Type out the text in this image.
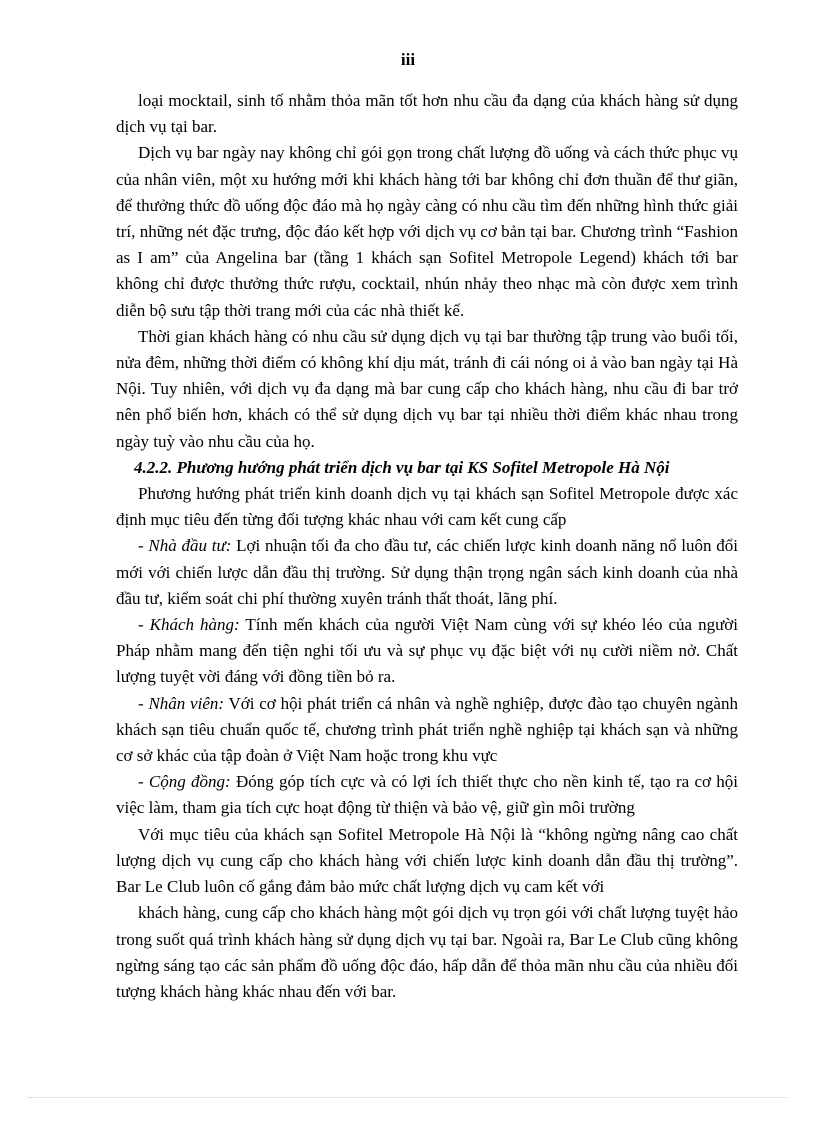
iii

loại mocktail, sinh tố nhằm thỏa mãn tốt hơn nhu cầu đa dạng của khách hàng sử dụng dịch vụ tại bar.

Dịch vụ bar ngày nay không chỉ gói gọn trong chất lượng đồ uống và cách thức phục vụ của nhân viên, một xu hướng mới khi khách hàng tới bar không chỉ đơn thuần để thư giãn, để thưởng thức đồ uống độc đáo mà họ ngày càng có nhu cầu tìm đến những hình thức giải trí, những nét đặc trưng, độc đáo kết hợp với dịch vụ cơ bản tại bar. Chương trình “Fashion as I am” của Angelina bar (tầng 1 khách sạn Sofitel Metropole Legend) khách tới bar không chỉ được thưởng thức rượu, cocktail, nhún nhảy theo nhạc mà còn được xem trình diễn bộ sưu tập thời trang mới của các nhà thiết kế.

Thời gian khách hàng có nhu cầu sử dụng dịch vụ tại bar thường tập trung vào buổi tối, nửa đêm, những thời điểm có không khí dịu mát, tránh đi cái nóng oi ả vào ban ngày tại Hà Nội. Tuy nhiên, với dịch vụ đa dạng mà bar cung cấp cho khách hàng, nhu cầu đi bar trở nên phổ biến hơn, khách có thể sử dụng dịch vụ bar tại nhiều thời điểm khác nhau trong ngày tuỳ vào nhu cầu của họ.

4.2.2. Phương hướng phát triển dịch vụ bar tại KS Sofitel Metropole Hà Nội

Phương hướng phát triển kinh doanh dịch vụ tại khách sạn Sofitel Metropole được xác định mục tiêu đến từng đối tượng khác nhau với cam kết cung cấp

- Nhà đầu tư: Lợi nhuận tối đa cho đầu tư, các chiến lược kinh doanh năng nổ luôn đổi mới với chiến lược dẫn đầu thị trường. Sử dụng thận trọng ngân sách kinh doanh của nhà đầu tư, kiểm soát chi phí thường xuyên tránh thất thoát, lãng phí.

- Khách hàng: Tính mến khách của người Việt Nam cùng với sự khéo léo của người Pháp nhằm mang đến tiện nghi tối ưu và sự phục vụ đặc biệt với nụ cười niềm nở. Chất lượng tuyệt vời đáng với đồng tiền bỏ ra.

- Nhân viên: Với cơ hội phát triển cá nhân và nghề nghiệp, được đào tạo chuyên ngành khách sạn tiêu chuẩn quốc tế, chương trình phát triển nghề nghiệp tại khách sạn và những cơ sở khác của tập đoàn ở Việt Nam hoặc trong khu vực

- Cộng đồng: Đóng góp tích cực và có lợi ích thiết thực cho nền kinh tế, tạo ra cơ hội việc làm, tham gia tích cực hoạt động từ thiện và bảo vệ, giữ gìn môi trường

Với mục tiêu của khách sạn Sofitel Metropole Hà Nội là “không ngừng nâng cao chất lượng dịch vụ cung cấp cho khách hàng với chiến lược kinh doanh dẫn đầu thị trường”. Bar Le Club luôn cố gắng đảm bảo mức chất lượng dịch vụ cam kết với

khách hàng, cung cấp cho khách hàng một gói dịch vụ trọn gói với chất lượng tuyệt hảo trong suốt quá trình khách hàng sử dụng dịch vụ tại bar. Ngoài ra, Bar Le Club cũng không ngừng sáng tạo các sản phẩm đồ uống độc đáo, hấp dẫn để thỏa mãn nhu cầu của nhiều đối tượng khách hàng khác nhau đến với bar.
